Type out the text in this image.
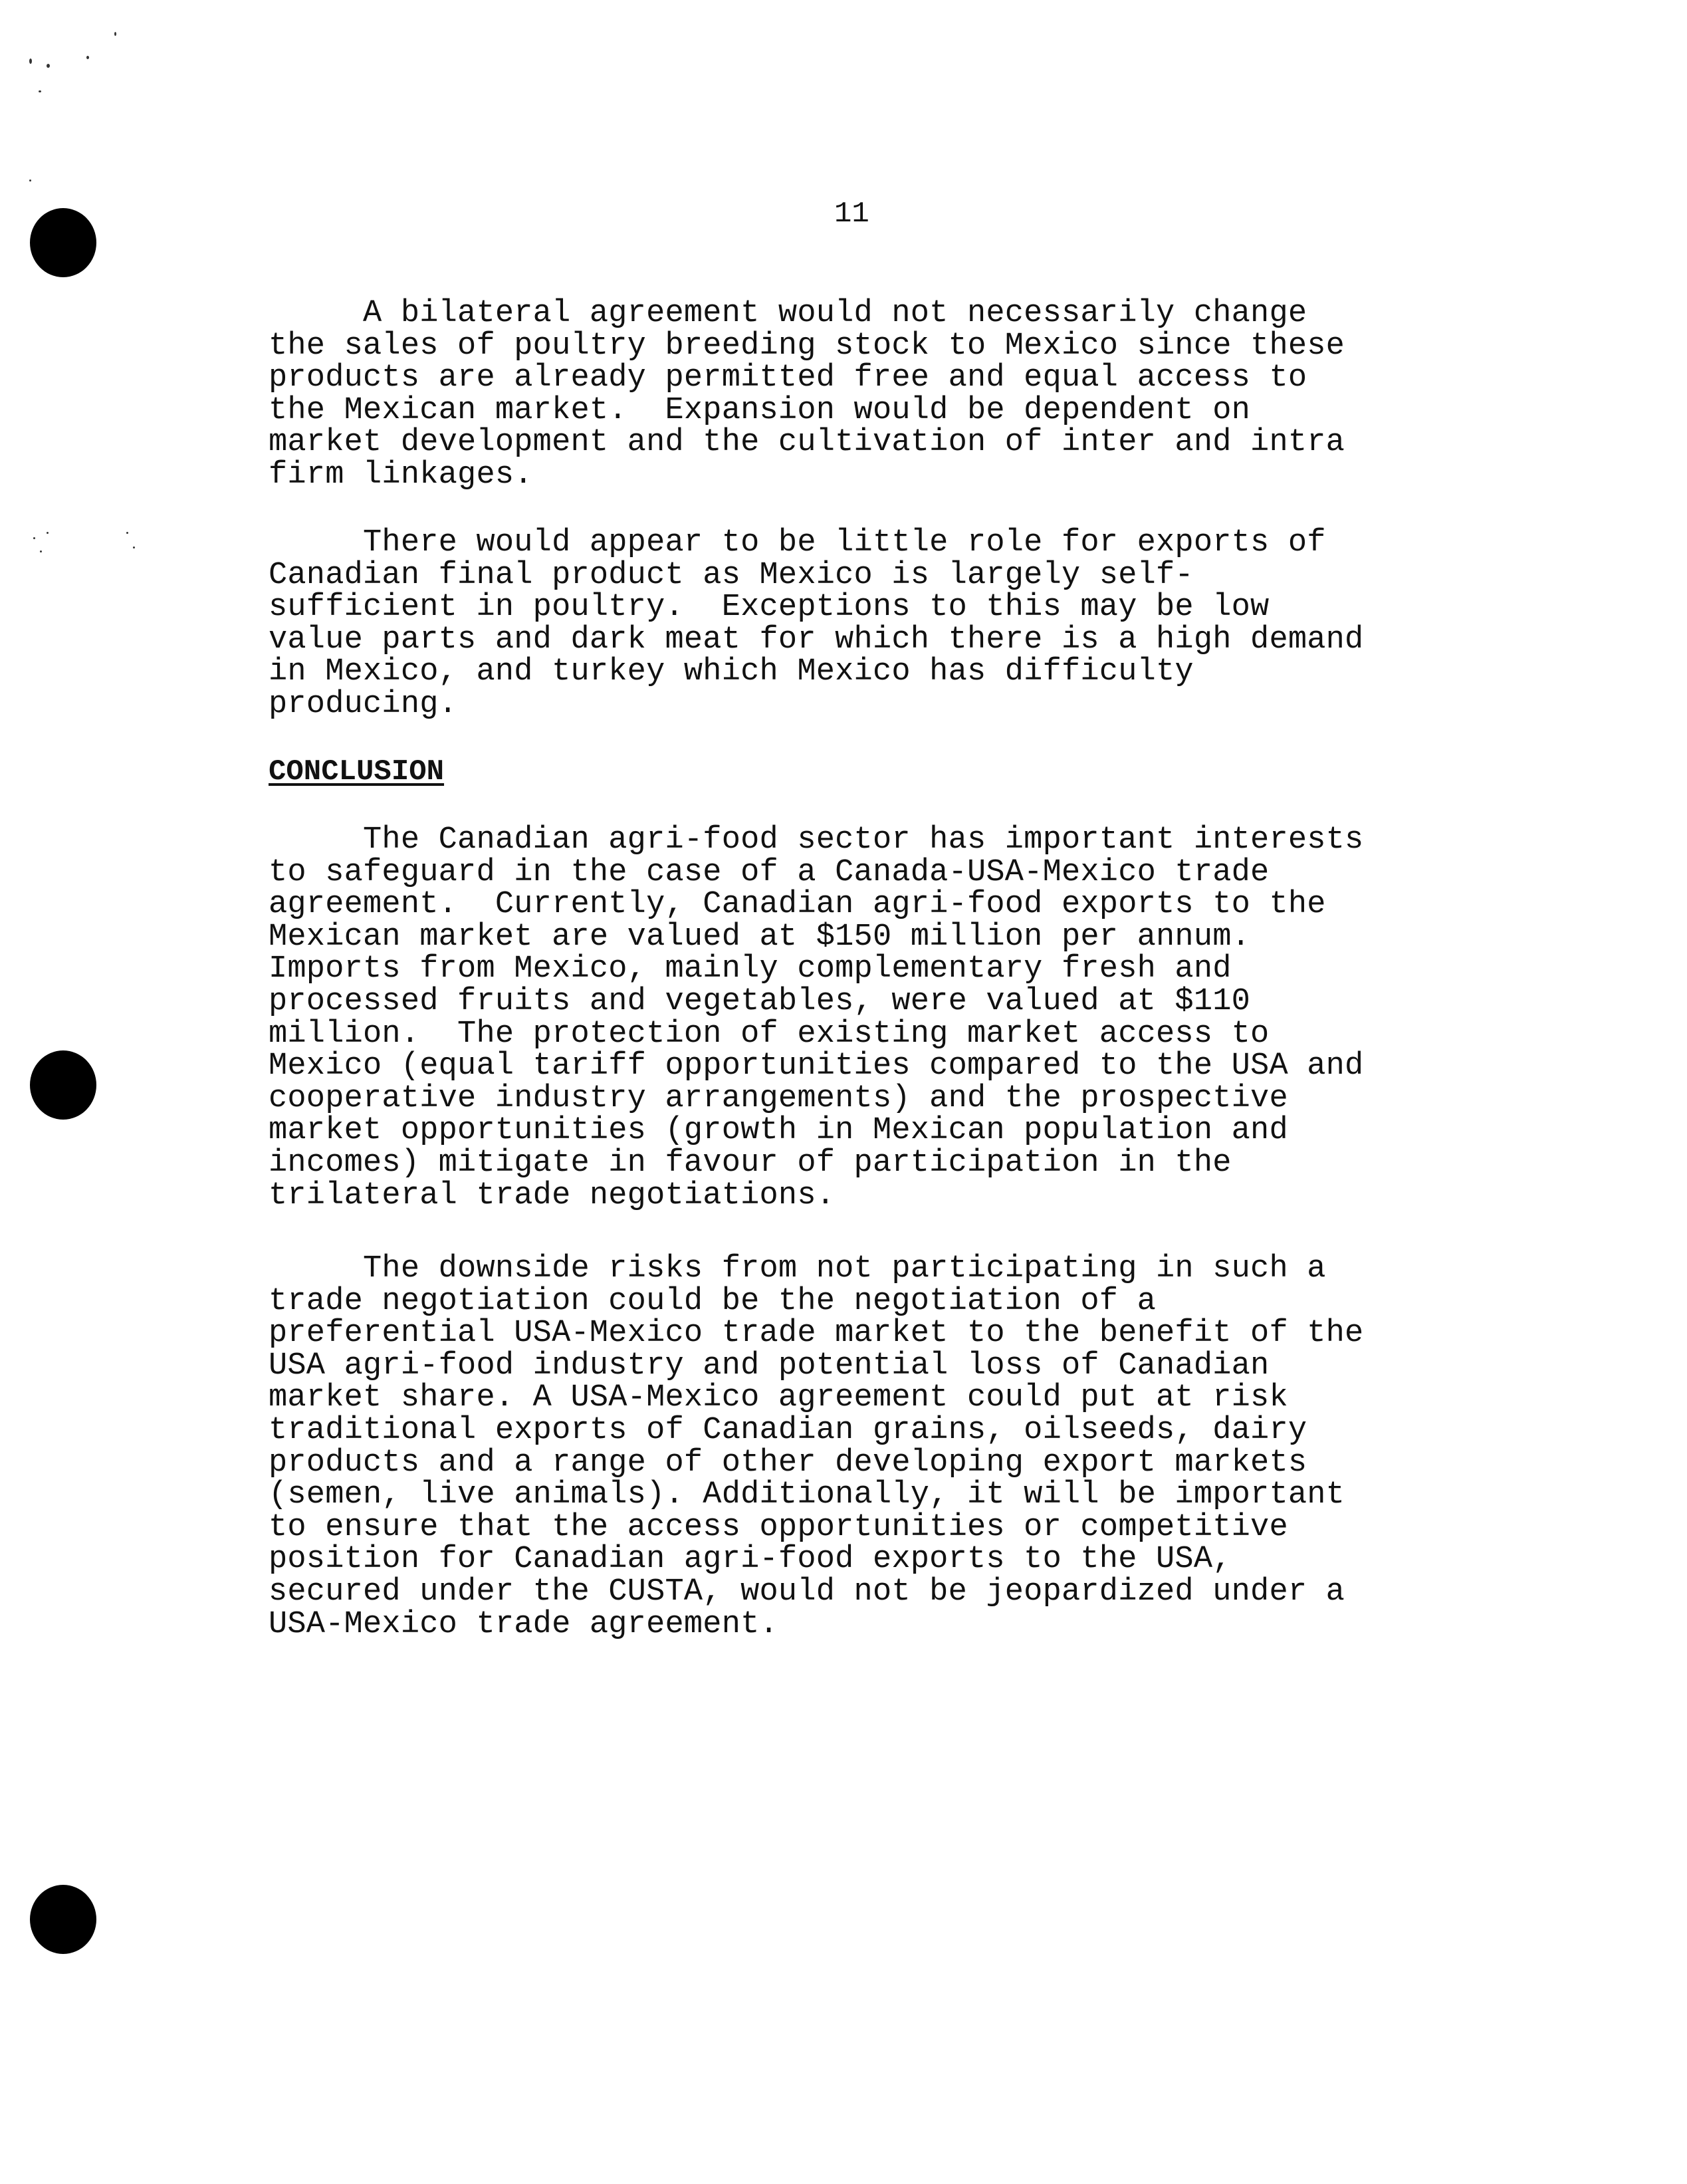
11
A bilateral agreement would not necessarily change
the sales of poultry breeding stock to Mexico since these
products are already permitted free and equal access to
the Mexican market.  Expansion would be dependent on
market development and the cultivation of inter and intra
firm linkages.
There would appear to be little role for exports of
Canadian final product as Mexico is largely self-
sufficient in poultry.  Exceptions to this may be low
value parts and dark meat for which there is a high demand
in Mexico, and turkey which Mexico has difficulty
producing.
CONCLUSION
The Canadian agri-food sector has important interests
to safeguard in the case of a Canada-USA-Mexico trade
agreement.  Currently, Canadian agri-food exports to the
Mexican market are valued at $150 million per annum.
Imports from Mexico, mainly complementary fresh and
processed fruits and vegetables, were valued at $110
million.  The protection of existing market access to
Mexico (equal tariff opportunities compared to the USA and
cooperative industry arrangements) and the prospective
market opportunities (growth in Mexican population and
incomes) mitigate in favour of participation in the
trilateral trade negotiations.
The downside risks from not participating in such a
trade negotiation could be the negotiation of a
preferential USA-Mexico trade market to the benefit of the
USA agri-food industry and potential loss of Canadian
market share. A USA-Mexico agreement could put at risk
traditional exports of Canadian grains, oilseeds, dairy
products and a range of other developing export markets
(semen, live animals). Additionally, it will be important
to ensure that the access opportunities or competitive
position for Canadian agri-food exports to the USA,
secured under the CUSTA, would not be jeopardized under a
USA-Mexico trade agreement.
